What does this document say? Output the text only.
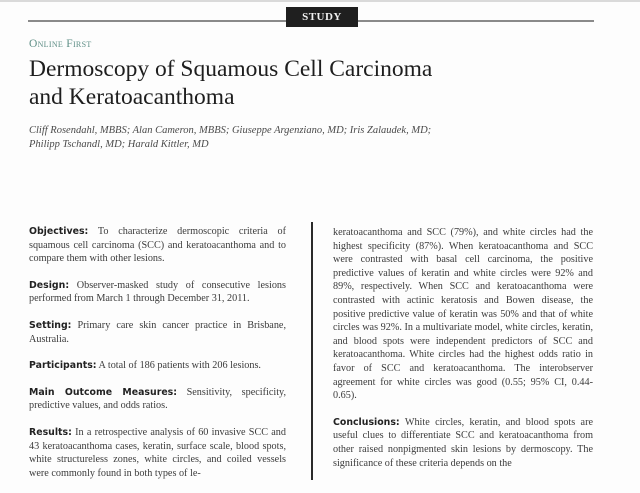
STUDY
Online First
Dermoscopy of Squamous Cell Carcinoma
and Keratoacanthoma
Cliff Rosendahl, MBBS; Alan Cameron, MBBS; Giuseppe Argenziano, MD; Iris Zalaudek, MD;
Philipp Tschandl, MD; Harald Kittler, MD

Objectives: To characterize dermoscopic criteria of squamous cell carcinoma (SCC) and keratoacanthoma and to compare them with other lesions.

Design: Observer-masked study of consecutive lesions performed from March 1 through December 31, 2011.

Setting: Primary care skin cancer practice in Brisbane, Australia.

Participants: A total of 186 patients with 206 lesions.

Main Outcome Measures: Sensitivity, specificity, predictive values, and odds ratios.

Results: In a retrospective analysis of 60 invasive SCC and 43 keratoacanthoma cases, keratin, surface scale, blood spots, white structureless zones, white circles, and coiled vessels were commonly found in both types of le-

keratoacanthoma and SCC (79%), and white circles had the highest specificity (87%). When keratoacanthoma and SCC were contrasted with basal cell carcinoma, the positive predictive values of keratin and white circles were 92% and 89%, respectively. When SCC and keratoacanthoma were contrasted with actinic keratosis and Bowen disease, the positive predictive value of keratin was 50% and that of white circles was 92%. In a multivariate model, white circles, keratin, and blood spots were independent predictors of SCC and keratoacanthoma. White circles had the highest odds ratio in favor of SCC and keratoacanthoma. The interobserver agreement for white circles was good (0.55; 95% CI, 0.44-0.65).

Conclusions: White circles, keratin, and blood spots are useful clues to differentiate SCC and keratoacanthoma from other raised nonpigmented skin lesions by dermoscopy. The significance of these criteria depends on the
